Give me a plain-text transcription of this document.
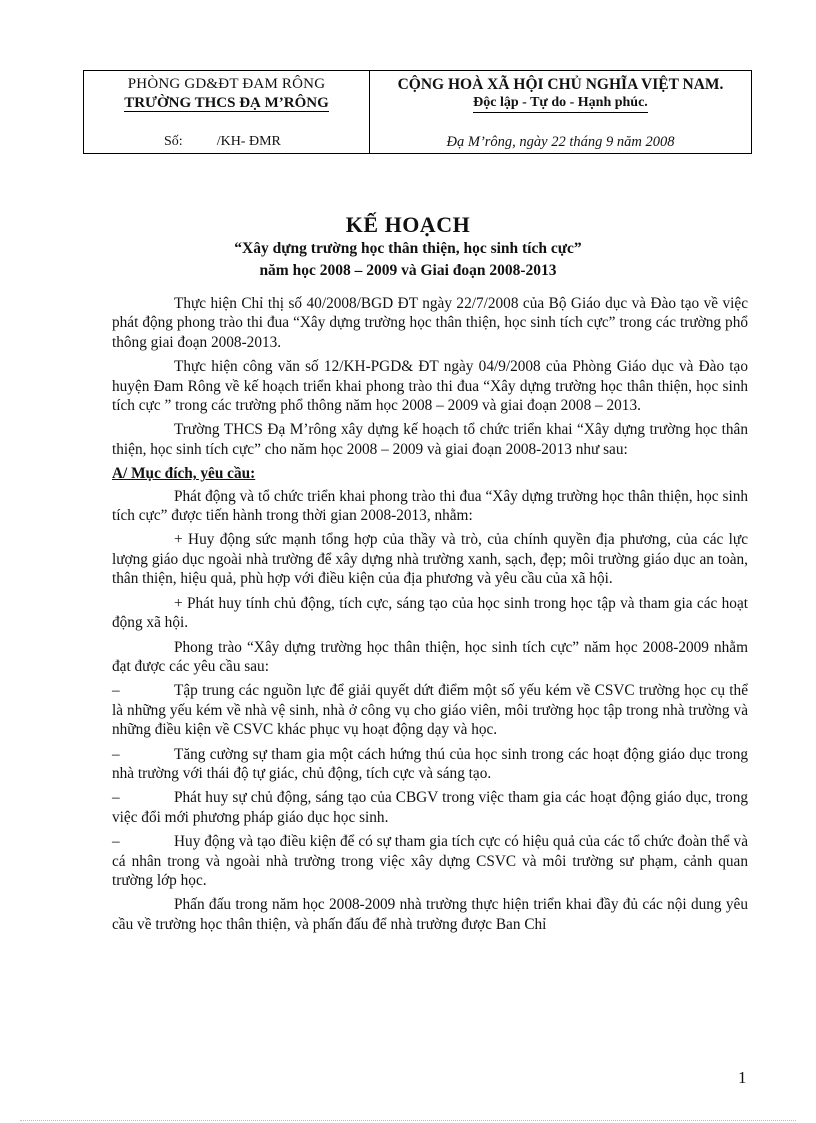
PHÒNG GD&ĐT ĐAM RÔNG
TRƯỜNG THCS ĐẠ M’RÔNG
Số: /KH- ĐMR
CỘNG HOÀ XÃ HỘI CHỦ NGHĨA VIỆT NAM.
Độc lập - Tự do - Hạnh phúc.
Đạ M’rông, ngày 22 tháng 9 năm 2008
KẾ HOẠCH
“Xây dựng trường học thân thiện, học sinh tích cực”
năm học 2008 – 2009 và Giai đoạn 2008-2013

Thực hiện Chỉ thị số 40/2008/BGD ĐT ngày 22/7/2008 của Bộ Giáo dục và Đào tạo về việc phát động phong trào thi đua “Xây dựng trường học thân thiện, học sinh tích cực” trong các trường phổ thông giai đoạn 2008-2013.

Thực hiện công văn số 12/KH-PGD& ĐT ngày 04/9/2008 của Phòng Giáo dục và Đào tạo huyện Đam Rông về kế hoạch triển khai phong trào thi đua “Xây dựng trường học thân thiện, học sinh tích cực ” trong các trường phổ thông năm học 2008 – 2009 và giai đoạn 2008 – 2013.

Trường THCS Đạ M’rông xây dựng kế hoạch tổ chức triển khai “Xây dựng trường học thân thiện, học sinh tích cực” cho năm học 2008 – 2009 và giai đoạn 2008-2013 như sau:

A/ Mục đích, yêu cầu:

Phát động và tổ chức triển khai phong trào thi đua “Xây dựng trường học thân thiện, học sinh tích cực” được tiến hành trong thời gian 2008-2013, nhằm:

+ Huy động sức mạnh tổng hợp của thầy và trò, của chính quyền địa phương, của các lực lượng giáo dục ngoài nhà trường để xây dựng nhà trường xanh, sạch, đẹp; môi trường giáo dục an toàn, thân thiện, hiệu quả, phù hợp với điều kiện của địa phương và yêu cầu của xã hội.

+ Phát huy tính chủ động, tích cực, sáng tạo của học sinh trong học tập và tham gia các hoạt động xã hội.

Phong trào “Xây dựng trường học thân thiện, học sinh tích cực” năm học 2008-2009 nhằm đạt được các yêu cầu sau:

–	Tập trung các nguồn lực để giải quyết dứt điểm một số yếu kém về CSVC trường học cụ thể là những yếu kém về nhà vệ sinh, nhà ở công vụ cho giáo viên, môi trường học tập trong nhà trường và những điều kiện về CSVC khác phục vụ hoạt động dạy và học.

–	Tăng cường sự tham gia một cách hứng thú của học sinh trong các hoạt động giáo dục trong nhà trường với thái độ tự giác, chủ động, tích cực và sáng tạo.

–	Phát huy sự chủ động, sáng tạo của CBGV trong việc tham gia các hoạt động giáo dục, trong việc đổi mới phương pháp giáo dục học sinh.

–	Huy động và tạo điều kiện để có sự tham gia tích cực có hiệu quả của các tổ chức đoàn thể và cá nhân trong và ngoài nhà trường trong việc xây dựng CSVC và môi trường sư phạm, cảnh quan trường lớp học.

Phấn đấu trong năm học 2008-2009 nhà trường thực hiện triển khai đầy đủ các nội dung yêu cầu về trường học thân thiện, và phấn đấu để nhà trường được Ban Chỉ

1
